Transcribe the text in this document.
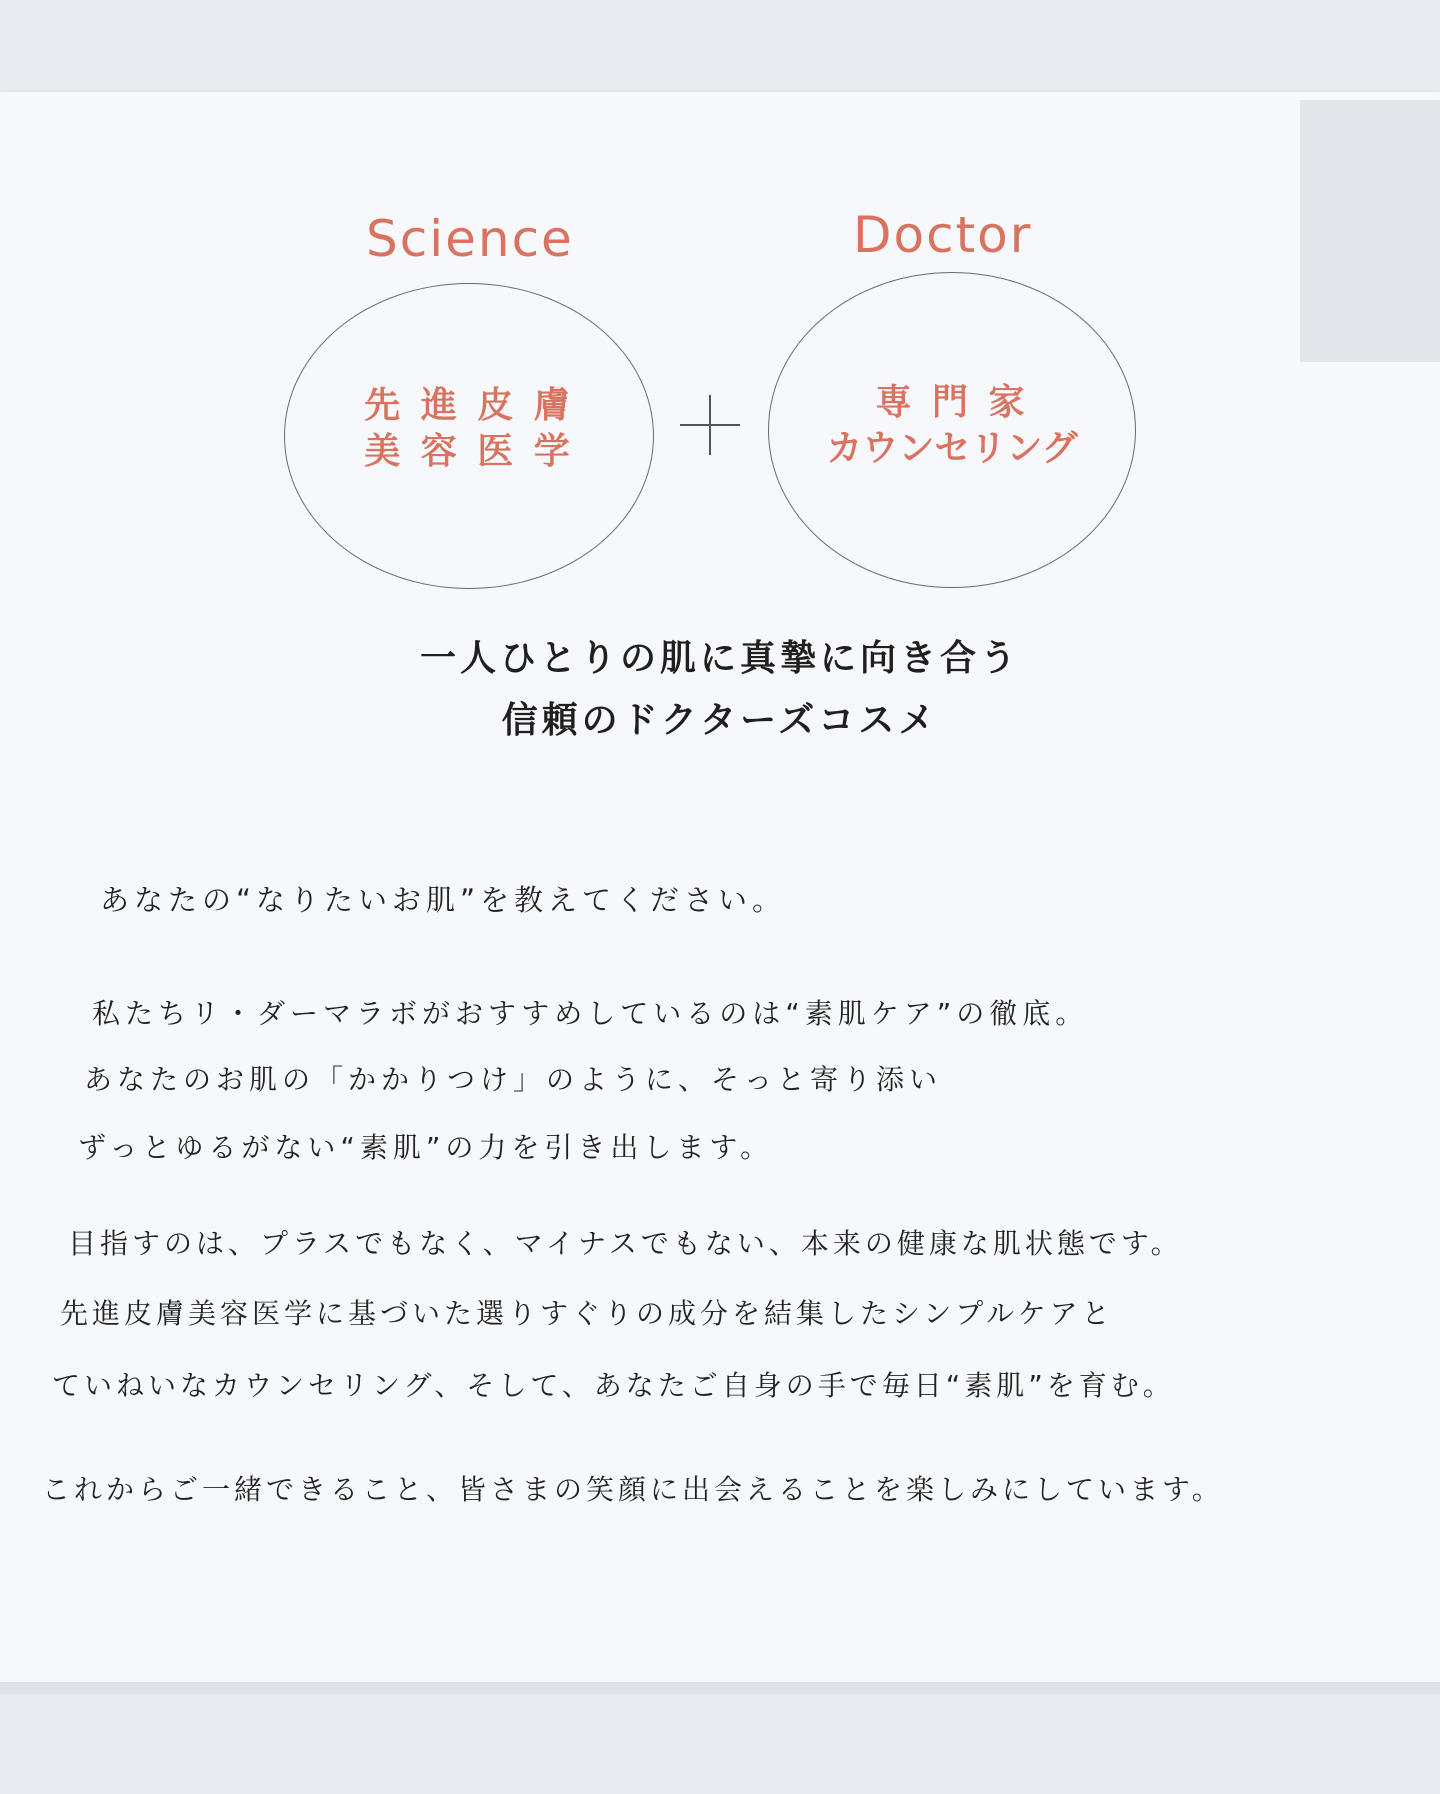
Science	Doctor
先 進 皮 膚
美 容 医 学
専 門 家
カウンセリング
一人ひとりの肌に真摯に向き合う
信頼のドクターズコスメ
あなたの“なりたいお肌”を教えてください。
私たちリ・ダーマラボがおすすめしているのは“素肌ケア”の徹底。
あなたのお肌の「かかりつけ」のように、そっと寄り添い
ずっとゆるがない“素肌”の力を引き出します。
目指すのは、プラスでもなく、マイナスでもない、本来の健康な肌状態です。
先進皮膚美容医学に基づいた選りすぐりの成分を結集したシンプルケアと
ていねいなカウンセリング、そして、あなたご自身の手で毎日“素肌”を育む。
これからご一緒できること、皆さまの笑顔に出会えることを楽しみにしています。
